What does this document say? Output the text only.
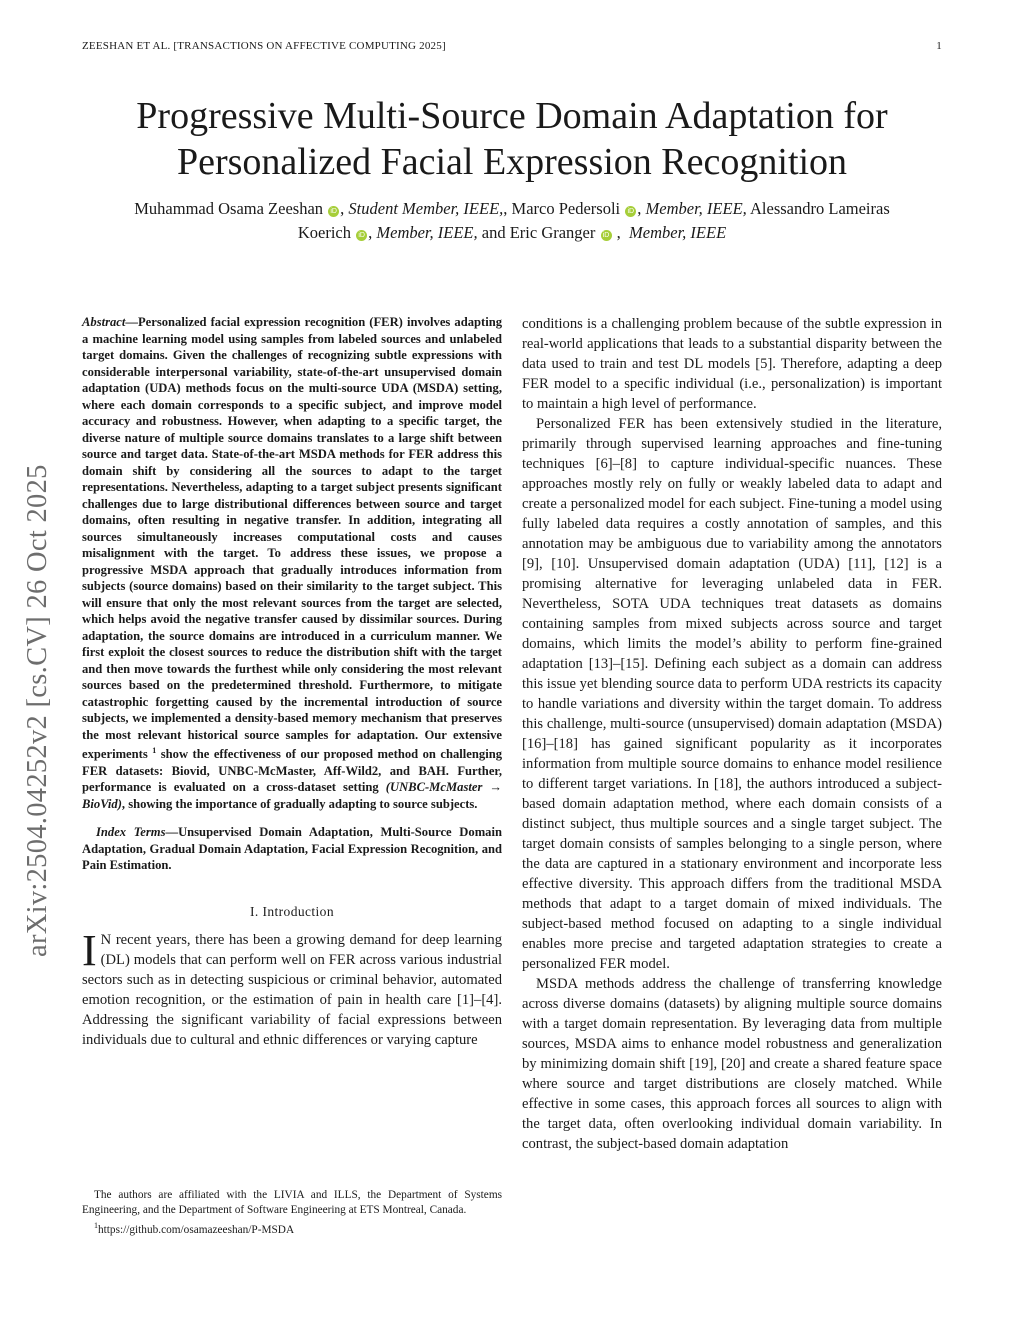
ZEESHAN ET AL. [TRANSACTIONS ON AFFECTIVE COMPUTING 2025]	1
Progressive Multi-Source Domain Adaptation for
Personalized Facial Expression Recognition
Muhammad Osama Zeeshan iD , Student Member, IEEE,, Marco Pedersoli iD , Member, IEEE, Alessandro Lameiras
Koerich iD , Member, IEEE, and Eric Granger iD ,  Member, IEEE
arXiv:2504.04252v2 [cs.CV] 26 Oct 2025

Abstract—Personalized facial expression recognition (FER) involves adapting a machine learning model using samples from labeled sources and unlabeled target domains. Given the challenges of recognizing subtle expressions with considerable interpersonal variability, state-of-the-art unsupervised domain adaptation (UDA) methods focus on the multi-source UDA (MSDA) setting, where each domain corresponds to a specific subject, and improve model accuracy and robustness. However, when adapting to a specific target, the diverse nature of multiple source domains translates to a large shift between source and target data. State-of-the-art MSDA methods for FER address this domain shift by considering all the sources to adapt to the target representations. Nevertheless, adapting to a target subject presents significant challenges due to large distributional differences between source and target domains, often resulting in negative transfer. In addition, integrating all sources simultaneously increases computational costs and causes misalignment with the target. To address these issues, we propose a progressive MSDA approach that gradually introduces information from subjects (source domains) based on their similarity to the target subject. This will ensure that only the most relevant sources from the target are selected, which helps avoid the negative transfer caused by dissimilar sources. During adaptation, the source domains are introduced in a curriculum manner. We first exploit the closest sources to reduce the distribution shift with the target and then move towards the furthest while only considering the most relevant sources based on the predetermined threshold. Furthermore, to mitigate catastrophic forgetting caused by the incremental introduction of source subjects, we implemented a density-based memory mechanism that preserves the most relevant historical source samples for adaptation. Our extensive experiments $^1$ show the effectiveness of our proposed method on challenging FER datasets: Biovid, UNBC-McMaster, Aff-Wild2, and BAH. Further, performance is evaluated on a cross-dataset setting (UNBC-McMaster → BioVid), showing the importance of gradually adapting to source subjects.

Index Terms—Unsupervised Domain Adaptation, Multi-Source Domain Adaptation, Gradual Domain Adaptation, Facial Expression Recognition, and Pain Estimation.

I. Introduction

I N recent years, there has been a growing demand for deep learning (DL) models that can perform well on FER across various industrial sectors such as in detecting suspicious or criminal behavior, automated emotion recognition, or the estimation of pain in health care [1]–[4]. Addressing the significant variability of facial expressions between individuals due to cultural and ethnic differences or varying capture

conditions is a challenging problem because of the subtle expression in real-world applications that leads to a substantial disparity between the data used to train and test DL models [5]. Therefore, adapting a deep FER model to a specific individual (i.e., personalization) is important to maintain a high level of performance.

Personalized FER has been extensively studied in the literature, primarily through supervised learning approaches and fine-tuning techniques [6]–[8] to capture individual-specific nuances. These approaches mostly rely on fully or weakly labeled data to adapt and create a personalized model for each subject. Fine-tuning a model using fully labeled data requires a costly annotation of samples, and this annotation may be ambiguous due to variability among the annotators [9], [10]. Unsupervised domain adaptation (UDA) [11], [12] is a promising alternative for leveraging unlabeled data in FER. Nevertheless, SOTA UDA techniques treat datasets as domains containing samples from mixed subjects across source and target domains, which limits the model’s ability to perform fine-grained adaptation [13]–[15]. Defining each subject as a domain can address this issue yet blending source data to perform UDA restricts its capacity to handle variations and diversity within the target domain. To address this challenge, multi-source (unsupervised) domain adaptation (MSDA) [16]–[18] has gained significant popularity as it incorporates information from multiple source domains to enhance model resilience to different target variations. In [18], the authors introduced a subject-based domain adaptation method, where each domain consists of a distinct subject, thus multiple sources and a single target subject. The target domain consists of samples belonging to a single person, where the data are captured in a stationary environment and incorporate less effective diversity. This approach differs from the traditional MSDA methods that adapt to a target domain of mixed individuals. The subject-based method focused on adapting to a single individual enables more precise and targeted adaptation strategies to create a personalized FER model.

MSDA methods address the challenge of transferring knowledge across diverse domains (datasets) by aligning multiple source domains with a target domain representation. By leveraging data from multiple sources, MSDA aims to enhance model robustness and generalization by minimizing domain shift [19], [20] and create a shared feature space where source and target distributions are closely matched. While effective in some cases, this approach forces all sources to align with the target data, often overlooking individual domain variability. In contrast, the subject-based domain adaptation

The authors are affiliated with the LIVIA and ILLS, the Department of Systems Engineering, and the Department of Software Engineering at ETS Montreal, Canada.

$^1$https://github.com/osamazeeshan/P-MSDA
